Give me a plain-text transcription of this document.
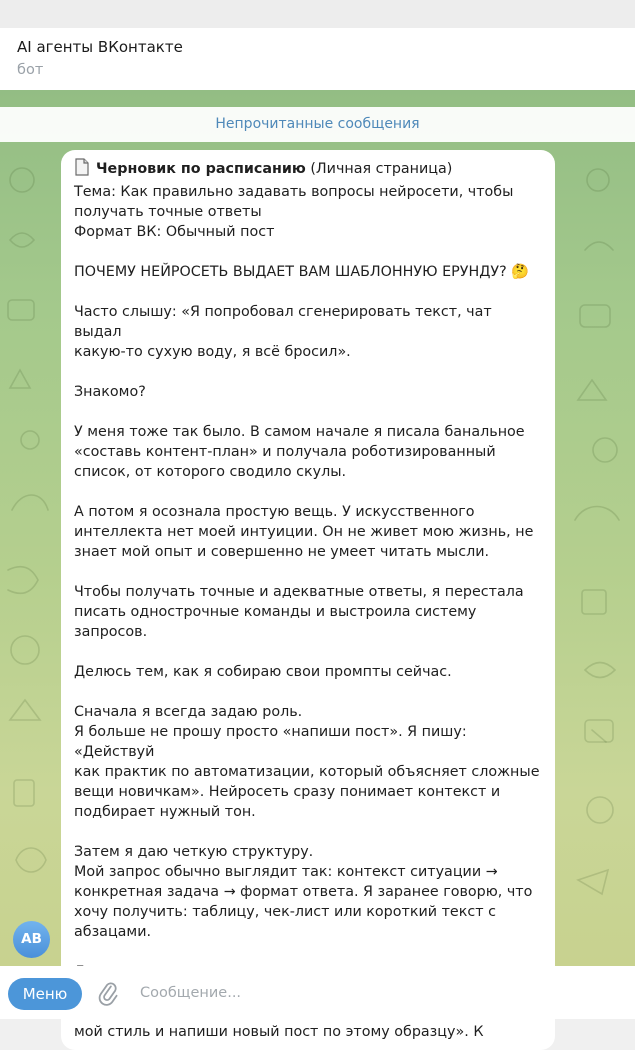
AI агенты ВКонтакте
бот
Непрочитанные сообщения

Черновик по расписанию (Личная страница)

Тема: Как правильно задавать вопросы нейросети, чтобы

получать точные ответы

Формат ВК: Обычный пост

ПОЧЕМУ НЕЙРОСЕТЬ ВЫДАЕТ ВАМ ШАБЛОННУЮ ЕРУНДУ? 🤔

Часто слышу: «Я попробовал сгенерировать текст, чат выдал

какую-то сухую воду, я всё бросил».

Знакомо?

У меня тоже так было. В самом начале я писала банальное

«составь контент-план» и получала роботизированный

список, от которого сводило скулы.

А потом я осознала простую вещь. У искусственного

интеллекта нет моей интуиции. Он не живет мою жизнь, не

знает мой опыт и совершенно не умеет читать мысли.

Чтобы получать точные и адекватные ответы, я перестала

писать однострочные команды и выстроила систему запросов.

Делюсь тем, как я собираю свои промпты сейчас.

Сначала я всегда задаю роль.

Я больше не прошу просто «напиши пост». Я пишу: «Действуй

как практик по автоматизации, который объясняет сложные

вещи новичкам». Нейросеть сразу понимает контекст и

подбирает нужный тон.

Затем я даю четкую структуру.

Мой запрос обычно выглядит так: контекст ситуации →

конкретная задача → формат ответа. Я заранее говорю, что

хочу получить: таблицу, чек-лист или короткий текст с

абзацами.

мой стиль и напиши новый пост по этому образцу». К

AB
Меню
Сообщение...
